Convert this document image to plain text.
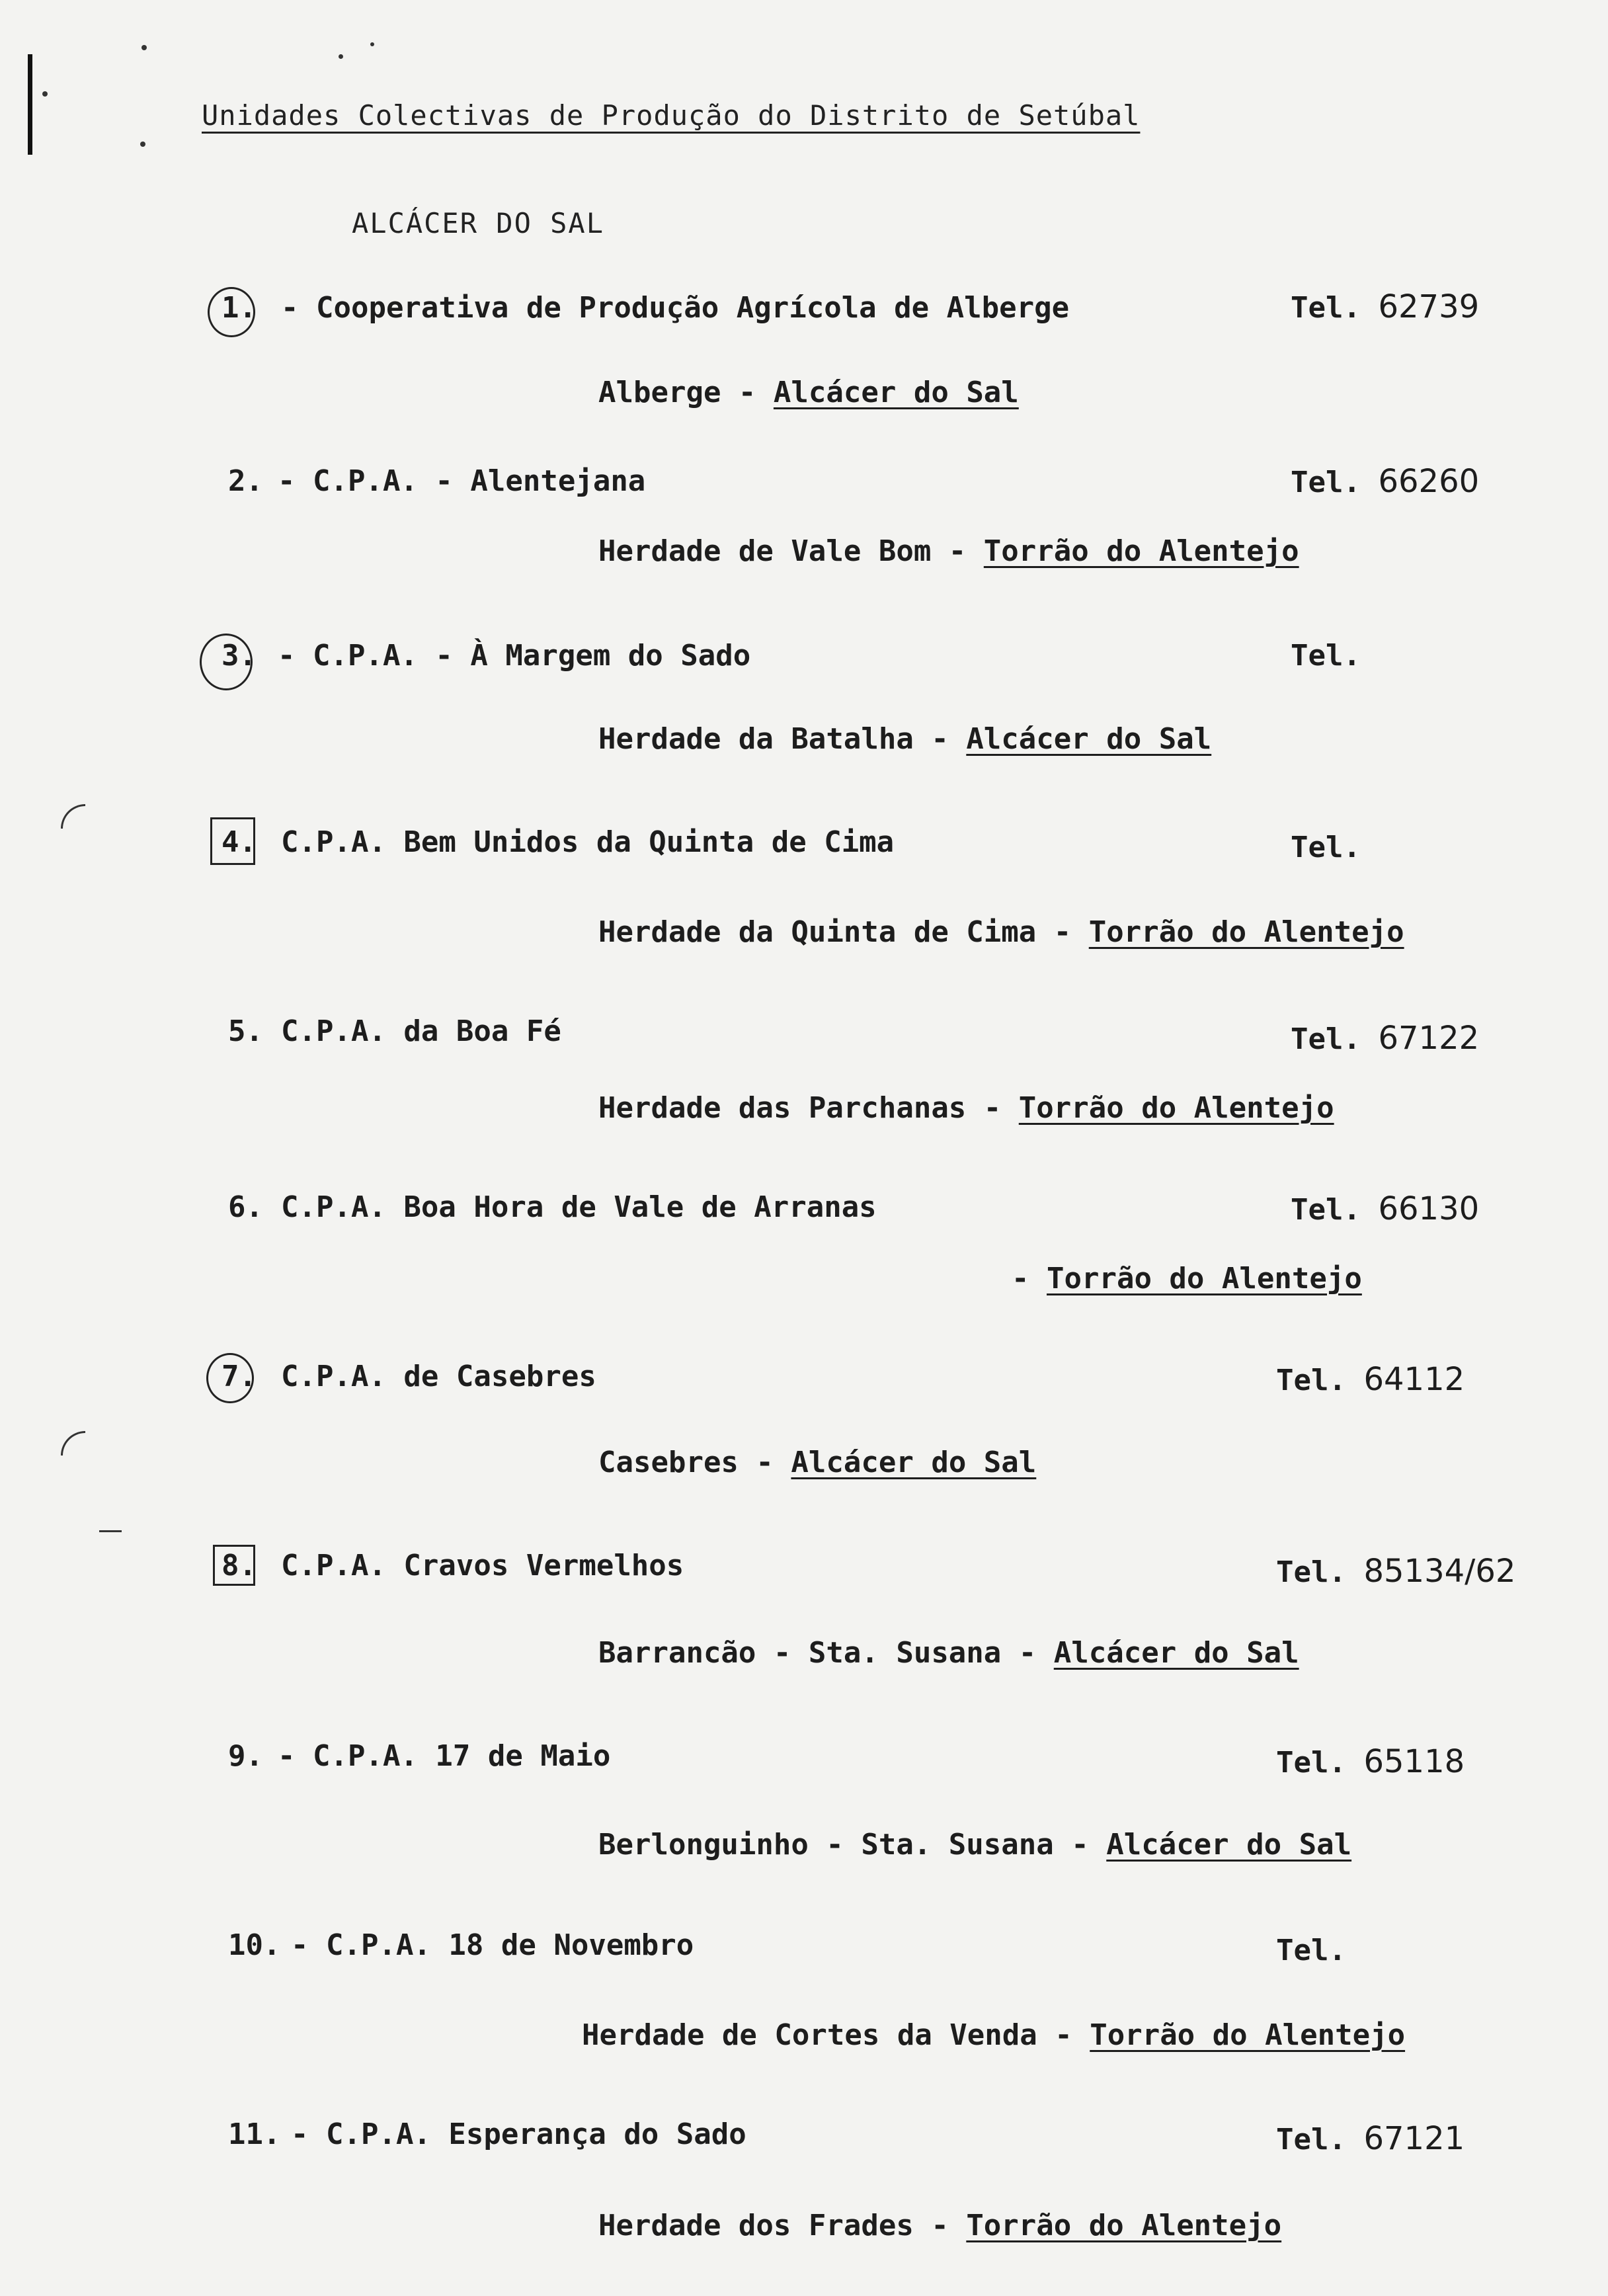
Unidades Colectivas de Produção do Distrito de Setúbal
ALCÁCER DO SAL
1. - Cooperativa de Produção Agrícola de Alberge	Tel. 62739
Alberge - Alcácer do Sal
2. - C.P.A. - Alentejana	Tel. 66260
Herdade de Vale Bom - Torrão do Alentejo
3. - C.P.A. - À Margem do Sado	Tel.
Herdade da Batalha - Alcácer do Sal
4. C.P.A. Bem Unidos da Quinta de Cima	Tel.
Herdade da Quinta de Cima - Torrão do Alentejo
5. C.P.A. da Boa Fé	Tel. 67122
Herdade das Parchanas - Torrão do Alentejo
6. C.P.A. Boa Hora de Vale de Arranas	Tel. 66130
- Torrão do Alentejo
7. C.P.A. de Casebres	Tel. 64112
Casebres - Alcácer do Sal
8. C.P.A. Cravos Vermelhos	Tel. 85134/62
Barrancão - Sta. Susana - Alcácer do Sal
9. - C.P.A. 17 de Maio	Tel. 65118
Berlonguinho - Sta. Susana - Alcácer do Sal
10. - C.P.A. 18 de Novembro	Tel.
Herdade de Cortes da Venda - Torrão do Alentejo
11. - C.P.A. Esperança do Sado	Tel. 67121
Herdade dos Frades - Torrão do Alentejo
